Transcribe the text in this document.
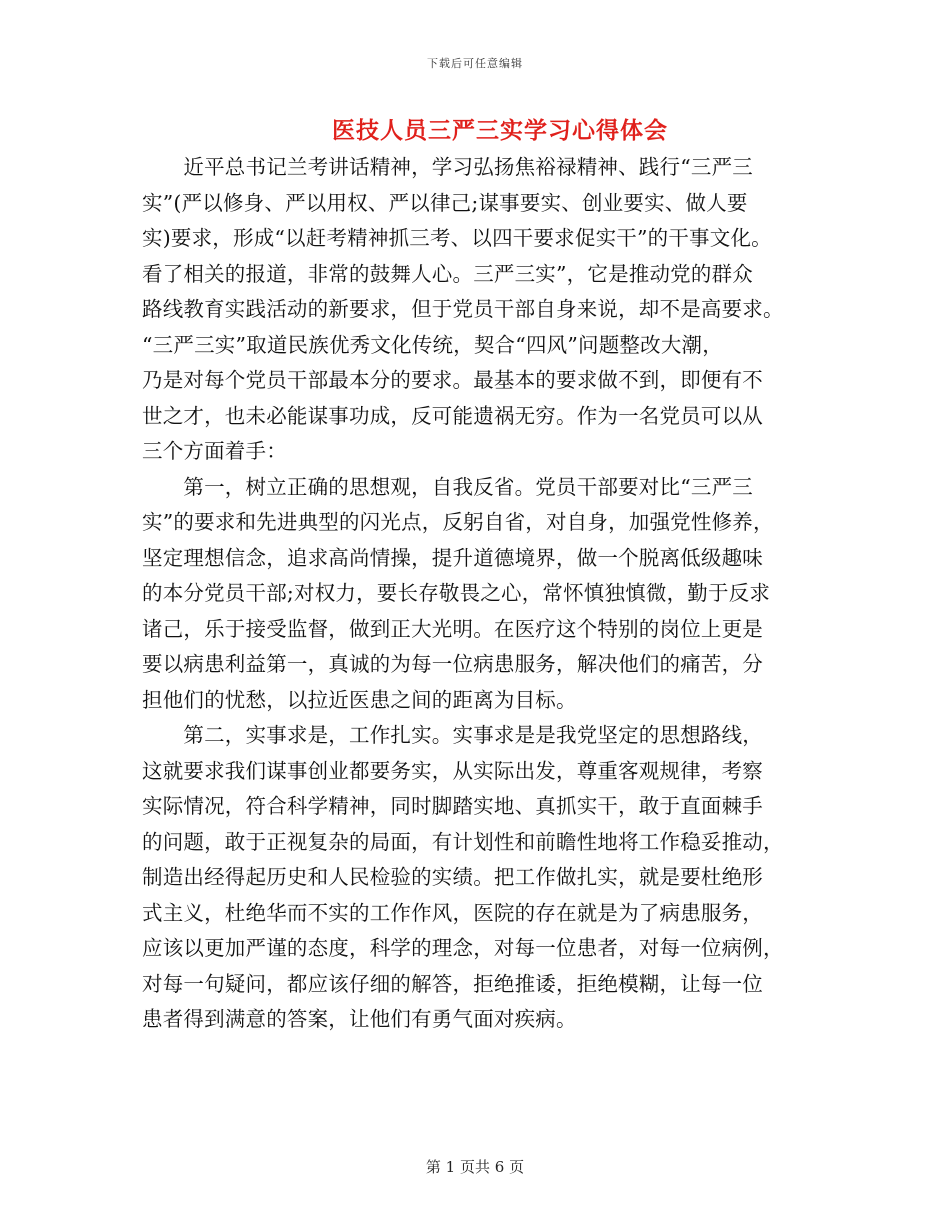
下载后可任意编辑
医技人员三严三实学习心得体会
　　近平总书记兰考讲话精神，学习弘扬焦裕禄精神、践行“三严三
实”(严以修身、严以用权、严以律己;谋事要实、创业要实、做人要
实)要求，形成“以赶考精神抓三考、以四干要求促实干”的干事文化。
看了相关的报道，非常的鼓舞人心。三严三实”，它是推动党的群众
路线教育实践活动的新要求，但于党员干部自身来说，却不是高要求。
“三严三实”取道民族优秀文化传统，契合“四风”问题整改大潮，
乃是对每个党员干部最本分的要求。最基本的要求做不到，即便有不
世之才，也未必能谋事功成，反可能遗祸无穷。作为一名党员可以从
三个方面着手：
　　第一，树立正确的思想观，自我反省。党员干部要对比“三严三
实”的要求和先进典型的闪光点，反躬自省，对自身，加强党性修养，
坚定理想信念，追求高尚情操，提升道德境界，做一个脱离低级趣味
的本分党员干部;对权力，要长存敬畏之心，常怀慎独慎微，勤于反求
诸己，乐于接受监督，做到正大光明。在医疗这个特别的岗位上更是
要以病患利益第一，真诚的为每一位病患服务，解决他们的痛苦，分
担他们的忧愁，以拉近医患之间的距离为目标。
　　第二，实事求是，工作扎实。实事求是是我党坚定的思想路线，
这就要求我们谋事创业都要务实，从实际出发，尊重客观规律，考察
实际情况，符合科学精神，同时脚踏实地、真抓实干，敢于直面棘手
的问题，敢于正视复杂的局面，有计划性和前瞻性地将工作稳妥推动，
制造出经得起历史和人民检验的实绩。把工作做扎实，就是要杜绝形
式主义，杜绝华而不实的工作作风，医院的存在就是为了病患服务，
应该以更加严谨的态度，科学的理念，对每一位患者，对每一位病例，
对每一句疑问，都应该仔细的解答，拒绝推诿，拒绝模糊，让每一位
患者得到满意的答案，让他们有勇气面对疾病。
第 1 页共 6 页
